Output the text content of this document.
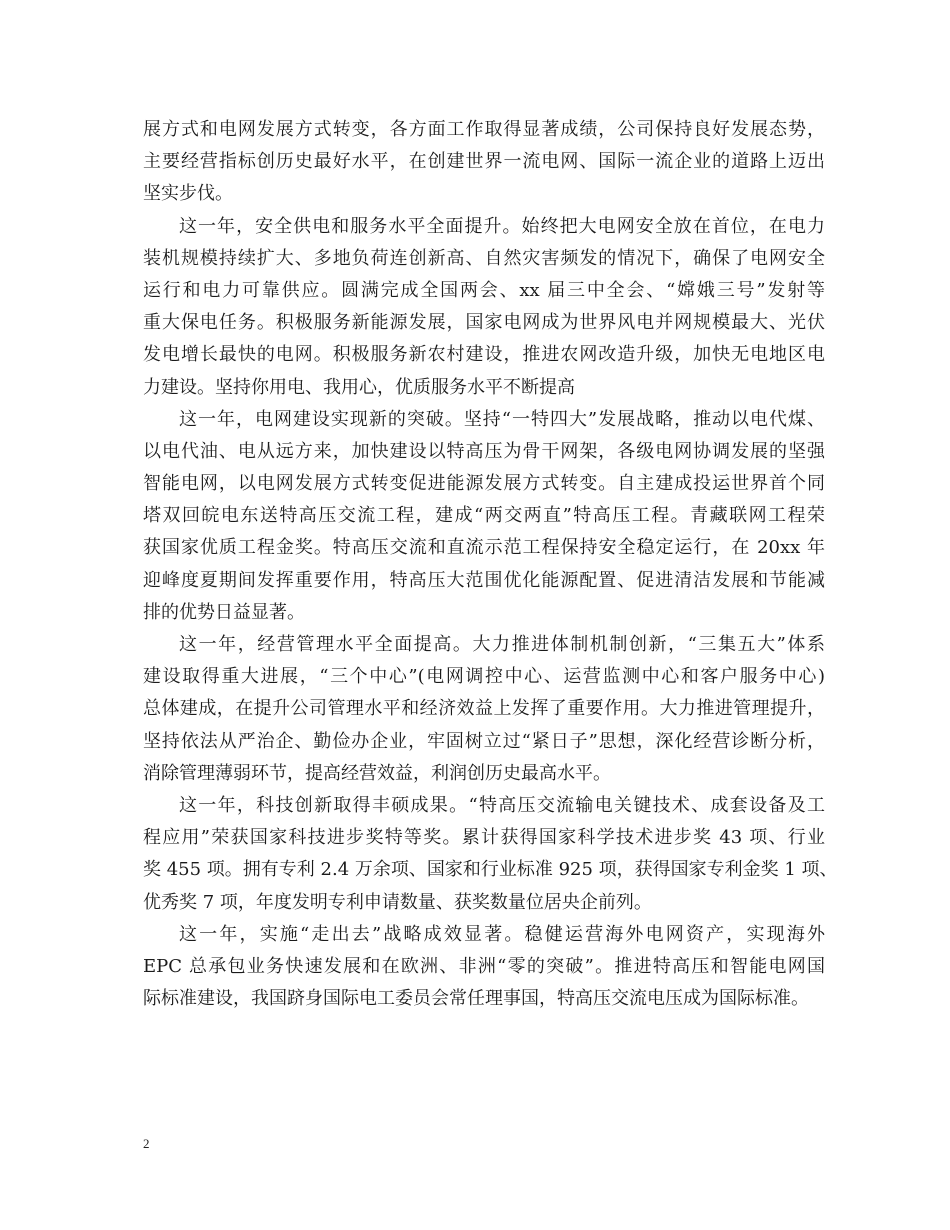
展方式和电网发展方式转变，各方面工作取得显著成绩，公司保持良好发展态势，
主要经营指标创历史最好水平，在创建世界一流电网、国际一流企业的道路上迈出
坚实步伐。
这一年，安全供电和服务水平全面提升。始终把大电网安全放在首位，在电力
装机规模持续扩大、多地负荷连创新高、自然灾害频发的情况下，确保了电网安全
运行和电力可靠供应。圆满完成全国两会、xx 届三中全会、“嫦娥三号”发射等
重大保电任务。积极服务新能源发展，国家电网成为世界风电并网规模最大、光伏
发电增长最快的电网。积极服务新农村建设，推进农网改造升级，加快无电地区电
力建设。坚持你用电、我用心，优质服务水平不断提高
这一年，电网建设实现新的突破。坚持“一特四大”发展战略，推动以电代煤、
以电代油、电从远方来，加快建设以特高压为骨干网架，各级电网协调发展的坚强
智能电网，以电网发展方式转变促进能源发展方式转变。自主建成投运世界首个同
塔双回皖电东送特高压交流工程，建成“两交两直”特高压工程。青藏联网工程荣
获国家优质工程金奖。特高压交流和直流示范工程保持安全稳定运行，在 20xx 年
迎峰度夏期间发挥重要作用，特高压大范围优化能源配置、促进清洁发展和节能减
排的优势日益显著。
这一年，经营管理水平全面提高。大力推进体制机制创新，“三集五大”体系
建设取得重大进展，“三个中心”(电网调控中心、运营监测中心和客户服务中心)
总体建成，在提升公司管理水平和经济效益上发挥了重要作用。大力推进管理提升，
坚持依法从严治企、勤俭办企业，牢固树立过“紧日子”思想，深化经营诊断分析，
消除管理薄弱环节，提高经营效益，利润创历史最高水平。
这一年，科技创新取得丰硕成果。“特高压交流输电关键技术、成套设备及工
程应用”荣获国家科技进步奖特等奖。累计获得国家科学技术进步奖 43 项、行业
奖 455 项。拥有专利 2.4 万余项、国家和行业标准 925 项，获得国家专利金奖 1 项、
优秀奖 7 项，年度发明专利申请数量、获奖数量位居央企前列。
这一年，实施“走出去”战略成效显著。稳健运营海外电网资产，实现海外
EPC 总承包业务快速发展和在欧洲、非洲“零的突破”。推进特高压和智能电网国
际标准建设，我国跻身国际电工委员会常任理事国，特高压交流电压成为国际标准。
2
